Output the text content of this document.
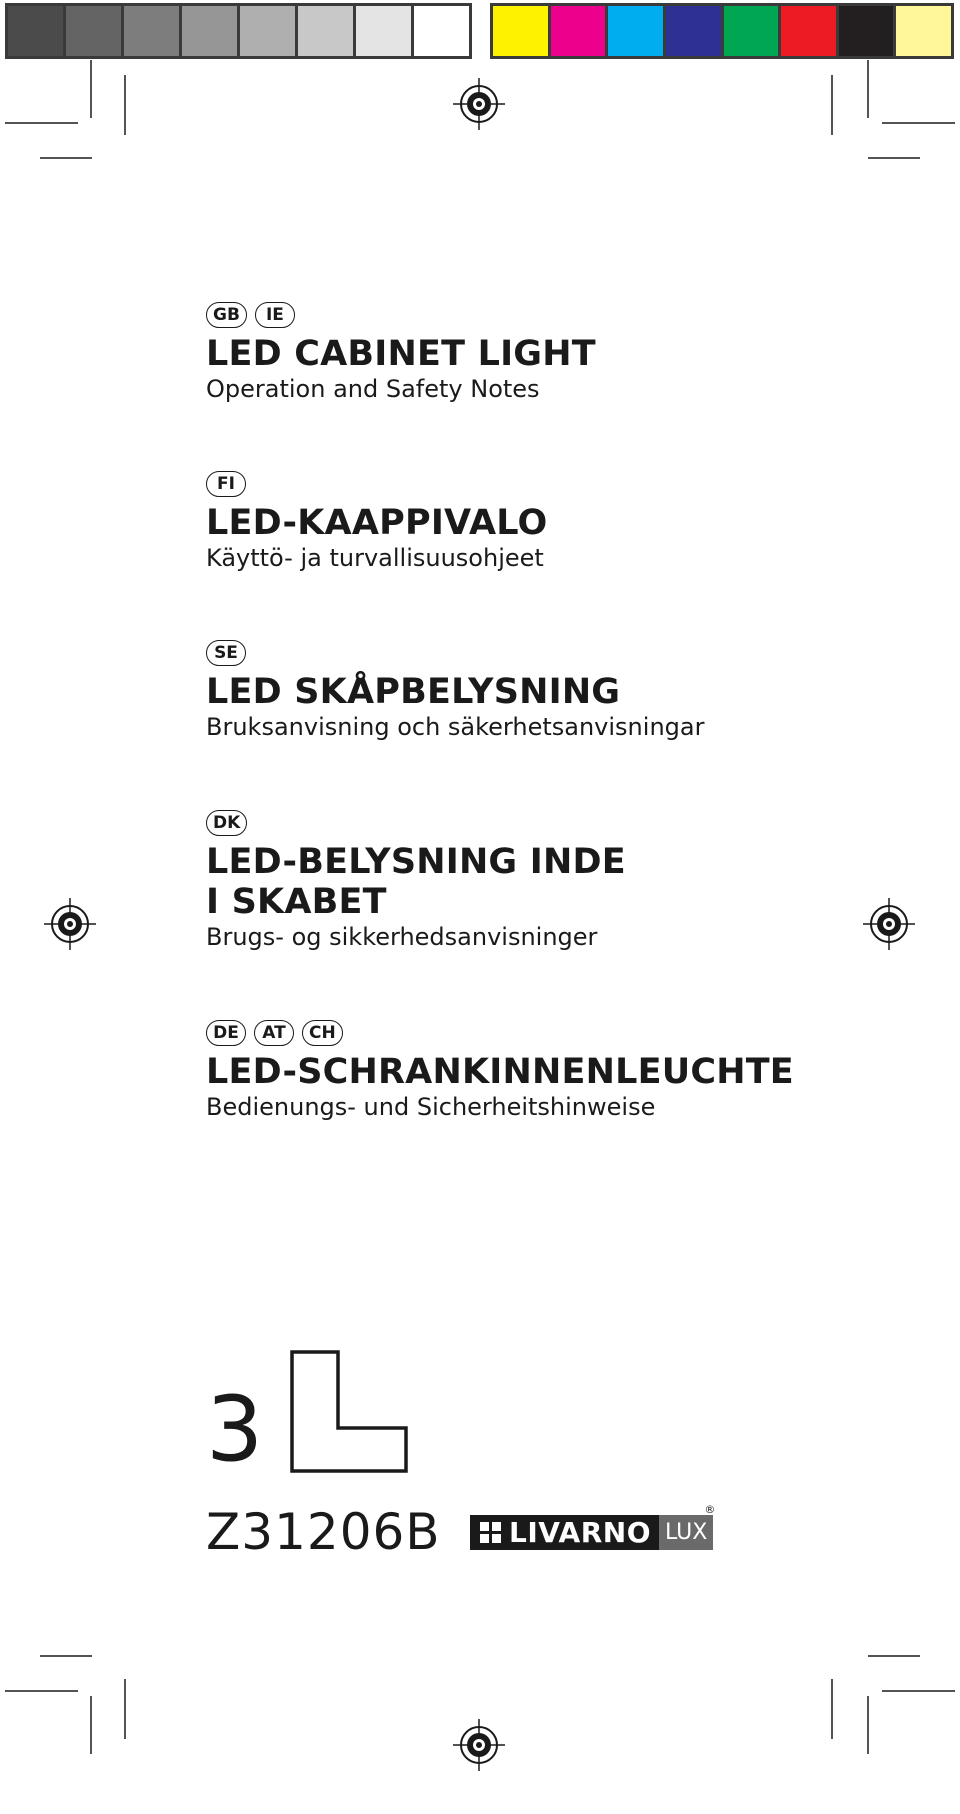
GB	IE
LED CABINET LIGHT
Operation and Safety Notes
FI
LED-KAAPPIVALO
Käyttö- ja turvallisuusohjeet
SE
LED SKÅPBELYSNING
Bruksanvisning och säkerhetsanvisningar
DK
LED-BELYSNING INDE
I SKABET
Brugs- og sikkerhedsanvisninger
DE	AT	CH
LED-SCHRANKINNENLEUCHTE
Bedienungs- und Sicherheitshinweise
3
Z31206B LIVARNO LUX
®
